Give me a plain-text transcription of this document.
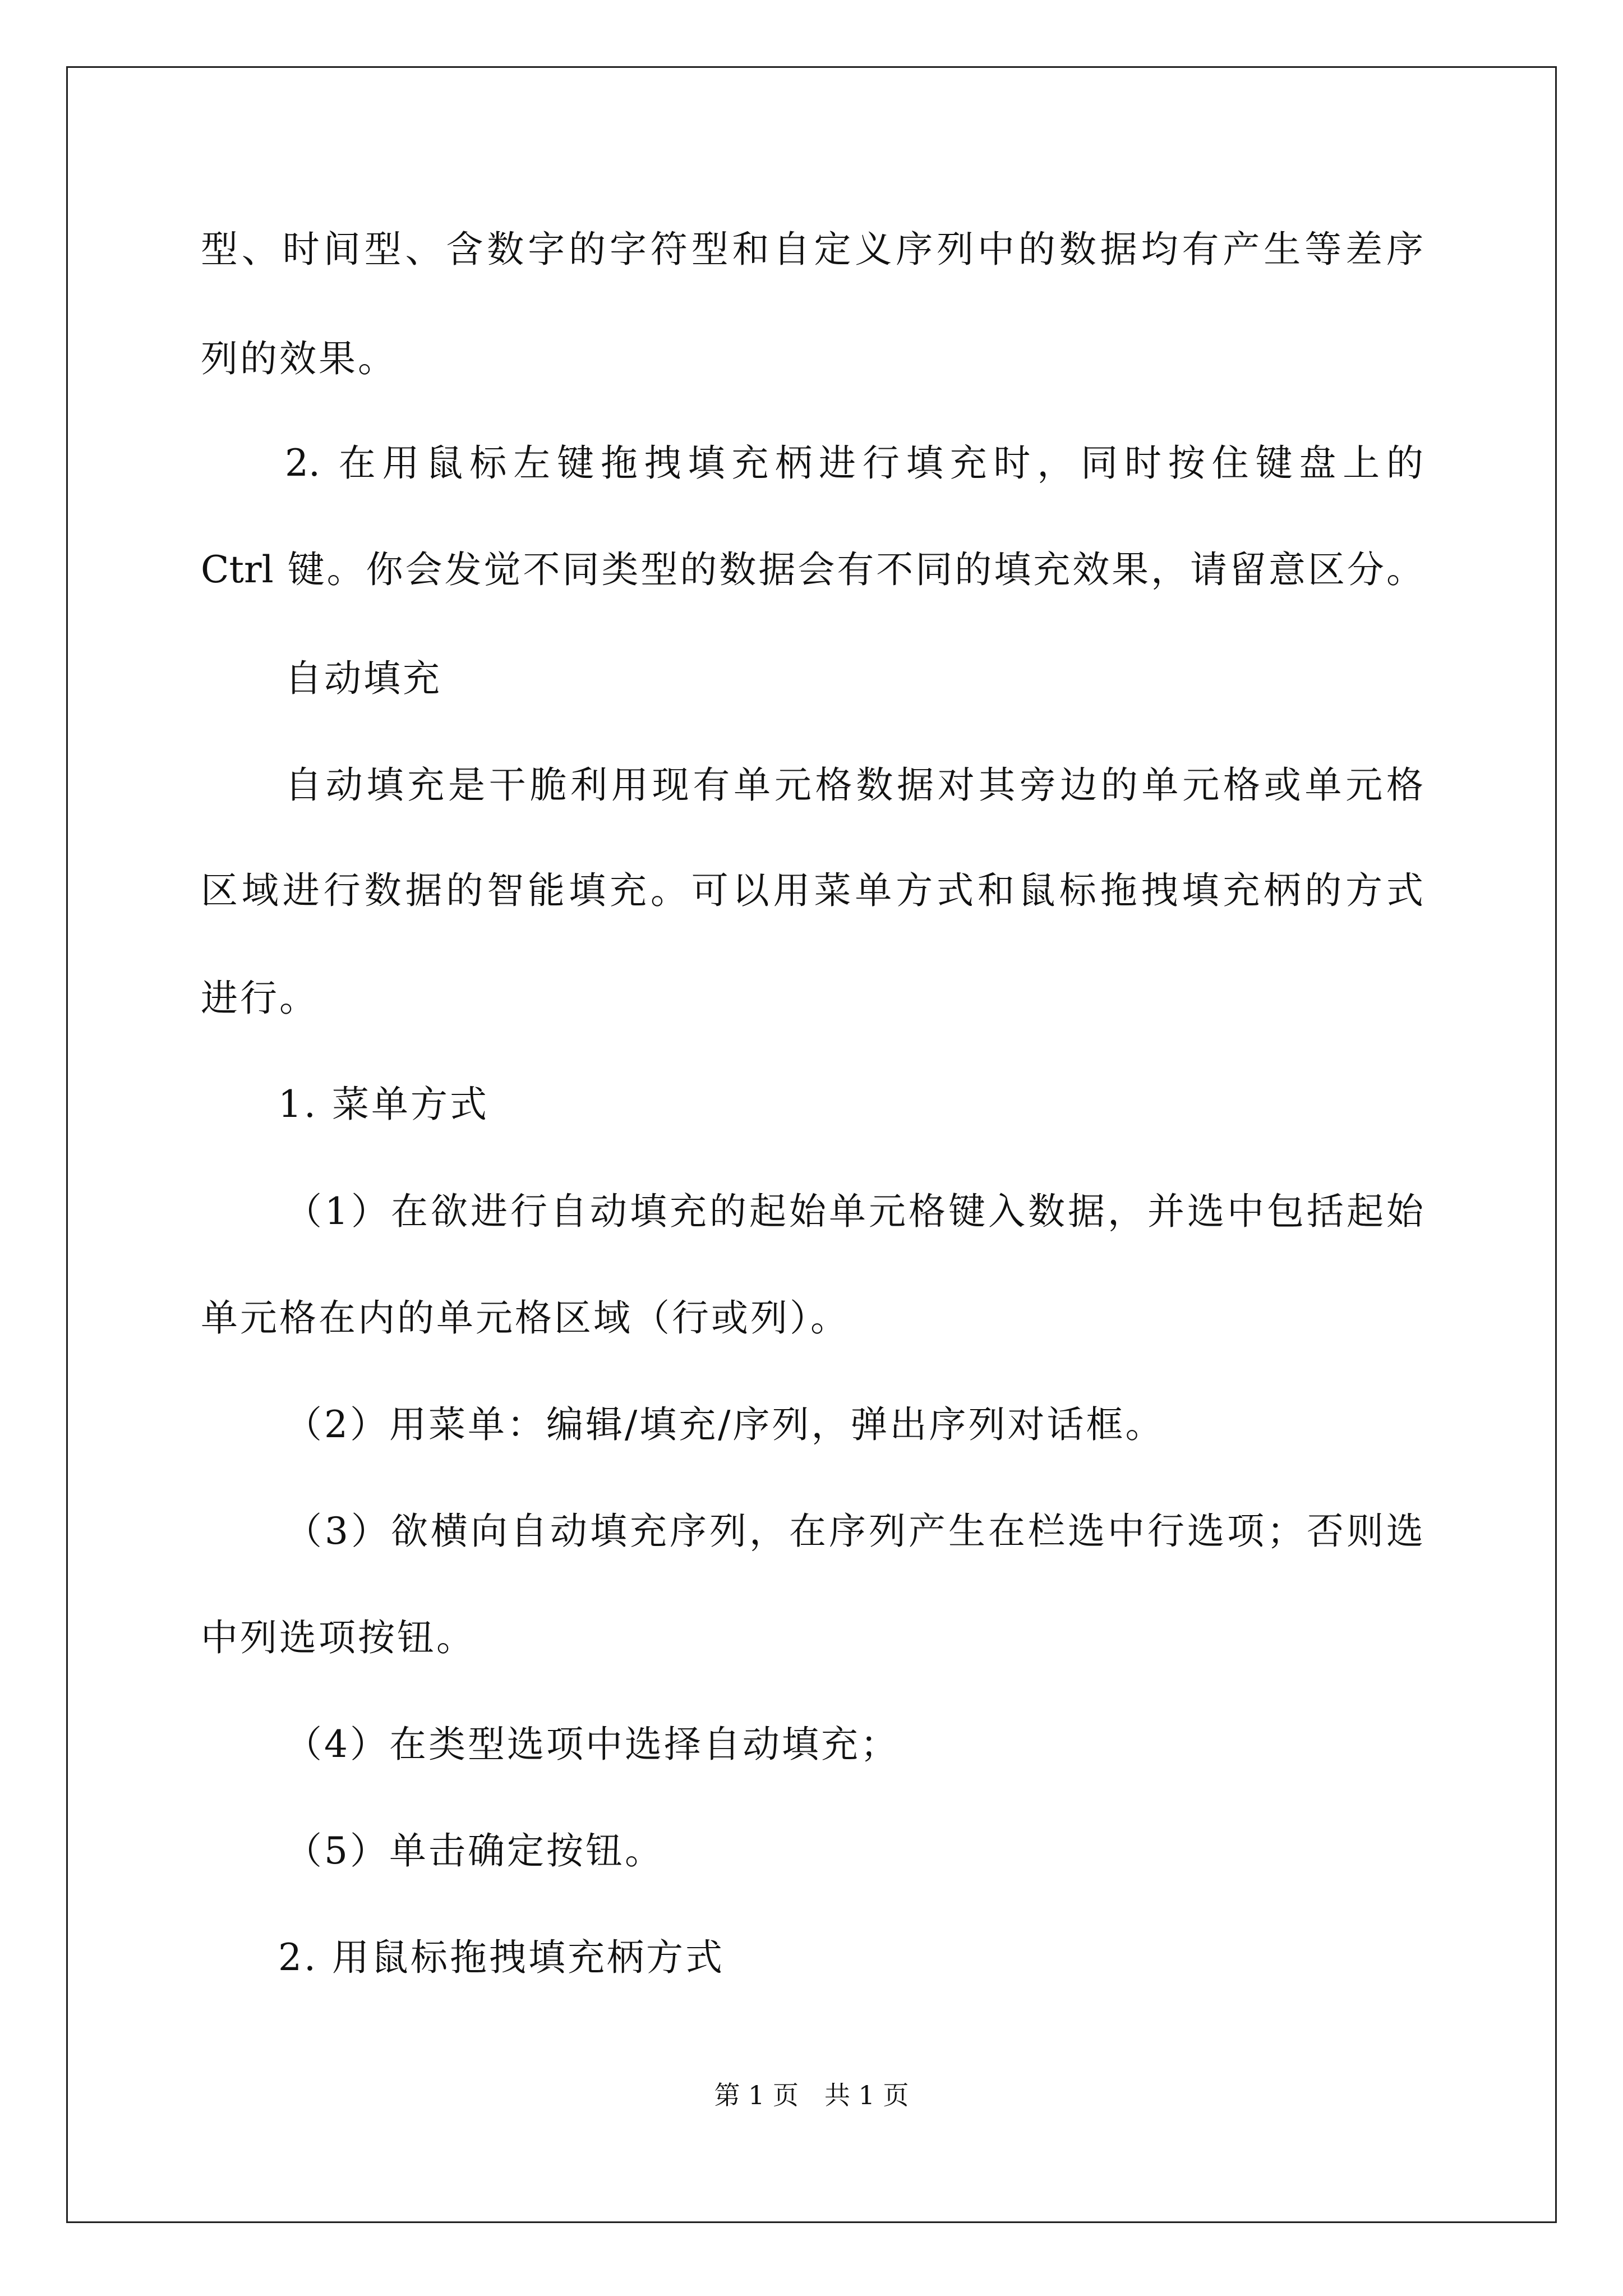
型、时间型、含数字的字符型和自定义序列中的数据均有产生等差序
列的效果。
2. 在用鼠标左键拖拽填充柄进行填充时，同时按住键盘上的
Ctrl 键。你会发觉不同类型的数据会有不同的填充效果，请留意区分。
自动填充
自动填充是干脆利用现有单元格数据对其旁边的单元格或单元格
区域进行数据的智能填充。可以用菜单方式和鼠标拖拽填充柄的方式
进行。
1. 菜单方式
（1）在欲进行自动填充的起始单元格键入数据，并选中包括起始
单元格在内的单元格区域（行或列）。
（2）用菜单：编辑/填充/序列，弹出序列对话框。
（3）欲横向自动填充序列，在序列产生在栏选中行选项；否则选
中列选项按钮。
（4）在类型选项中选择自动填充；
（5）单击确定按钮。
2. 用鼠标拖拽填充柄方式
第 1 页　共 1 页
